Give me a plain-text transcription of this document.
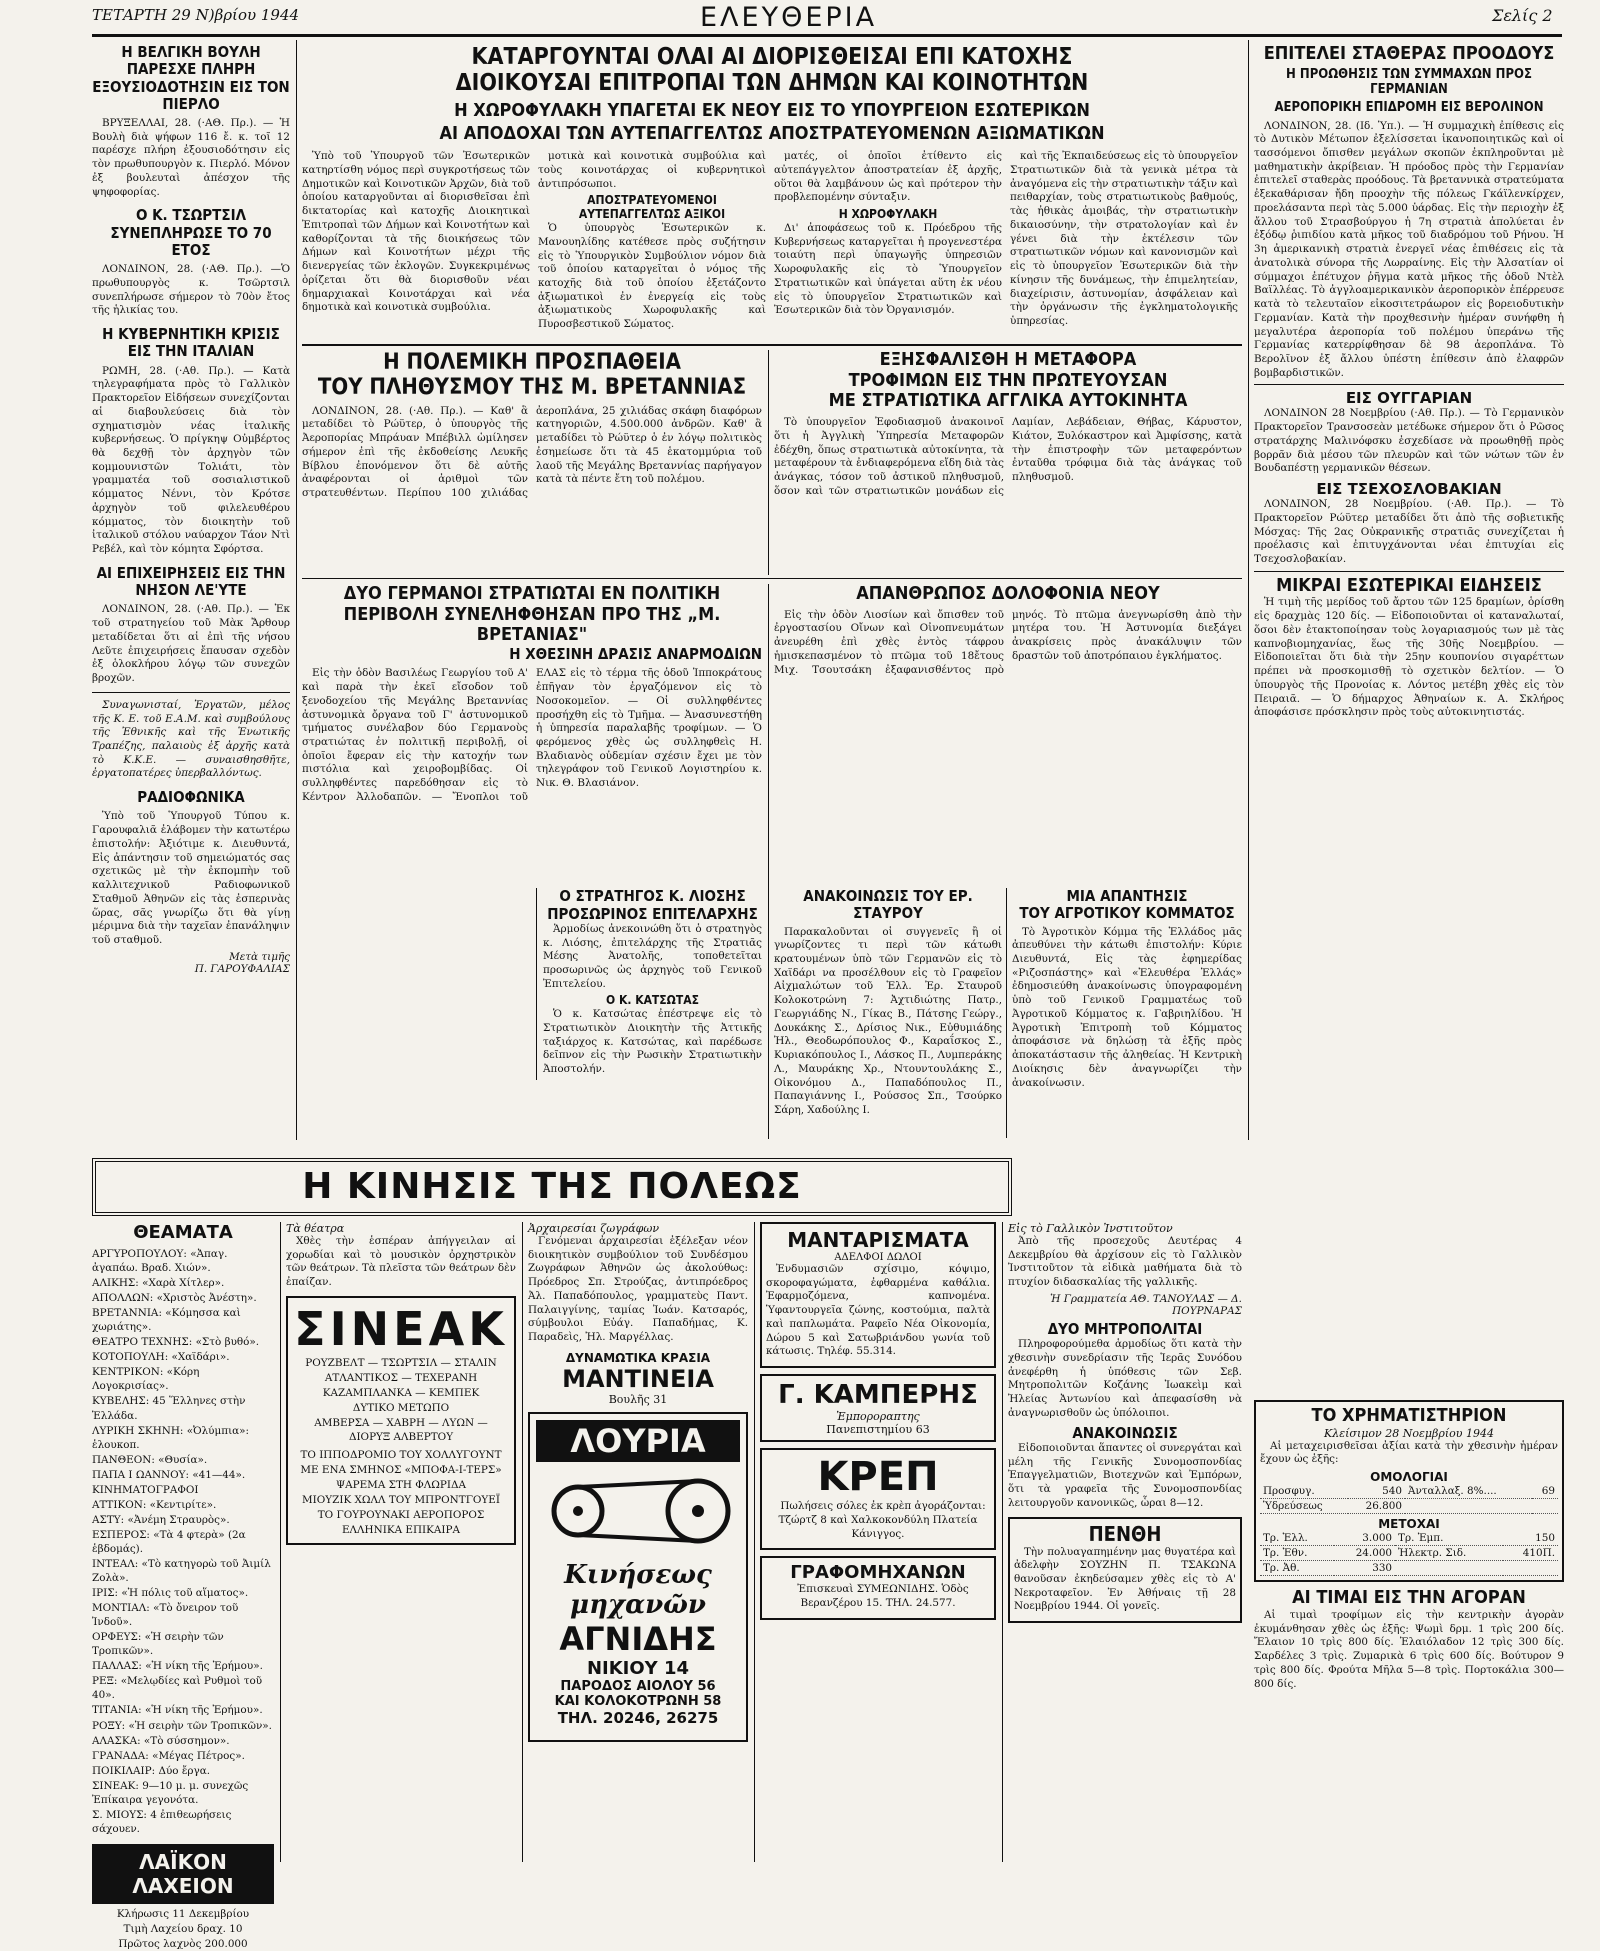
ΤΕΤΑΡΤΗ 29 Ν)βρίου 1944	ΕΛΕΥΘΕΡΙΑ	Σελίς 2
Η ΒΕΛΓΙΚΗ ΒΟΥΛΗ ΠΑΡΕΣΧΕ ΠΛΗΡΗ ΕΞΟΥΣΙΟΔΟΤΗΣΙΝ ΕΙΣ ΤΟΝ ΠΙΕΡΛΟ

ΒΡΥΞΕΛΛΑΙ, 28. (·ΑΘ. Πρ.). — Ἡ Βουλὴ διὰ ψήφων 116 ἔ. κ. τοῖ 12 παρέσχε πλήρη ἐξουσιοδότησιν εἰς τὸν πρωθυπουργὸν κ. Πιερλό. Μόνον ἐξ βουλευταὶ ἀπέσχον τῆς ψηφοφορίας.

Ο Κ. ΤΣΩΡΤΣΙΛ ΣΥΝΕΠΛΗΡΩΣΕ ΤΟ 70 ΕΤΟΣ

ΛΟΝΔΙΝΟΝ, 28. (·ΑΘ. Πρ.). —Ὁ πρωθυπουργὸς κ. Τσῶρτσιλ συνεπλήρωσε σήμερον τὸ 70ὸν ἔτος τῆς ἡλικίας του.

Η ΚΥΒΕΡΝΗΤΙΚΗ ΚΡΙΣΙΣ ΕΙΣ ΤΗΝ ΙΤΑΛΙΑΝ

ΡΩΜΗ, 28. (·Αθ. Πρ.). — Κατὰ τηλεγραφήματα πρὸς τὸ Γαλλικὸν Πρακτορεῖον Εἰδήσεων συνεχίζονται αἱ διαβουλεύσεις διὰ τὸν σχηματισμὸν νέας ἰταλικῆς κυβερνήσεως. Ὁ πρίγκηψ Οὐμβέρτος θὰ δεχθῇ τὸν ἀρχηγὸν τῶν κομμουνιστῶν Τολιάτι, τὸν γραμματέα τοῦ σοσιαλιστικοῦ κόμματος Νέννι, τὸν Κρότσε ἀρχηγὸν τοῦ φιλελευθέρου κόμματος, τὸν διοικητὴν τοῦ ἰταλικοῦ στόλου ναύαρχον Τάον Ντὶ Ρεβέλ, καὶ τὸν κόμητα Σφόρτσα.

ΑΙ ΕΠΙΧΕΙΡΗΣΕΙΣ ΕΙΣ ΤΗΝ ΝΗΣΟΝ ΛΕ'ΥΤΕ

ΛΟΝΔΙΝΟΝ, 28. (·Αθ. Πρ.). — Ἐκ τοῦ στρατηγείου τοῦ Μὰκ Ἄρθουρ μεταδίδεται ὅτι αἱ ἐπὶ τῆς νήσου Λεῦτε ἐπιχειρήσεις ἔπαυσαν σχεδὸν ἐξ ὁλοκλήρου λόγῳ τῶν συνεχῶν βροχῶν.

Συναγωνισταί, Ἐργατῶν, μέλος τῆς Κ. Ε. τοῦ Ε.Α.Μ. καὶ συμβούλους τῆς Ἐθνικῆς καὶ τῆς Ἑνωτικῆς Τραπέζης, παλαιοὺς ἐξ ἀρχῆς κατὰ τὸ Κ.Κ.Ε. — συναισθησθῆτε, ἐργατοπατέρες ὑπερβαλλόντως.

ΡΑΔΙΟΦΩΝΙΚΑ

Ὑπὸ τοῦ Ὑπουργοῦ Τύπου κ. Γαρουφαλιᾶ ἐλάβομεν τὴν κατωτέρω ἐπιστολήν: Ἀξιότιμε κ. Διευθυντά, Εἰς ἀπάντησιν τοῦ σημειώματός σας σχετικῶς μὲ τὴν ἐκπομπὴν τοῦ καλλιτεχνικοῦ Ραδιοφωνικοῦ Σταθμοῦ Ἀθηνῶν εἰς τὰς ἐσπερινὰς ὥρας, σᾶς γνωρίζω ὅτι θὰ γίνῃ μέριμνα διὰ τὴν ταχεῖαν ἐπανάληψιν τοῦ σταθμοῦ.

Μετὰ τιμῆς
Π. ΓΑΡΟΥΦΑΛΙΑΣ
ΚΑΤΑΡΓΟΥΝΤΑΙ ΟΛΑΙ ΑΙ ΔΙΟΡΙΣΘΕΙΣΑΙ ΕΠΙ ΚΑΤΟΧΗΣ
ΔΙΟΙΚΟΥΣΑΙ ΕΠΙΤΡΟΠΑΙ ΤΩΝ ΔΗΜΩΝ ΚΑΙ ΚΟΙΝΟΤΗΤΩΝ
Η ΧΩΡΟΦΥΛΑΚΗ ΥΠΑΓΕΤΑΙ ΕΚ ΝΕΟΥ ΕΙΣ ΤΟ ΥΠΟΥΡΓΕΙΟΝ ΕΣΩΤΕΡΙΚΩΝ
ΑΙ ΑΠΟΔΟΧΑΙ ΤΩΝ ΑΥΤΕΠΑΓΓΕΛΤΩΣ ΑΠΟΣΤΡΑΤΕΥΟΜΕΝΩΝ ΑΞΙΩΜΑΤΙΚΩΝ

Ὑπὸ τοῦ Ὑπουργοῦ τῶν Ἐσωτερικῶν κατηρτίσθη νόμος περὶ συγκροτήσεως τῶν Δημοτικῶν καὶ Κοινοτικῶν Ἀρχῶν, διὰ τοῦ ὁποίου καταργοῦνται αἱ διορισθεῖσαι ἐπὶ δικτατορίας καὶ κατοχῆς Διοικητικαὶ Ἐπιτροπαὶ τῶν Δήμων καὶ Κοινοτήτων καὶ καθορίζονται τὰ τῆς διοικήσεως τῶν Δήμων καὶ Κοινοτήτων μέχρι τῆς διενεργείας τῶν ἐκλογῶν. Συγκεκριμένως ὁρίζεται ὅτι θὰ διορισθοῦν νέαι δημαρχιακαὶ Κοινοτάρχαι καὶ νέα δημοτικὰ καὶ κοινοτικὰ συμβούλια.

μοτικὰ καὶ κοινοτικὰ συμβούλια καὶ τοὺς κοινοτάρχας οἱ κυβερνητικοὶ ἀντιπρόσωποι.

ΑΠΟΣΤΡΑΤΕΥΟΜΕΝΟΙ ΑΥΤΕΠΑΓΓΕΛΤΩΣ ΑΞΙΚΟΙ

Ὁ ὑπουργὸς Ἐσωτερικῶν κ. Μανουηλίδης κατέθεσε πρὸς συζήτησιν εἰς τὸ Ὑπουργικὸν Συμβούλιον νόμον διὰ τοῦ ὁποίου καταργεῖται ὁ νόμος τῆς κατοχῆς διὰ τοῦ ὁποίου ἐξετάζοντο ἀξιωματικοὶ ἐν ἐνεργείᾳ εἰς τοὺς ἀξιωματικοὺς Χωροφυλακῆς καὶ Πυροσβεστικοῦ Σώματος.

ματές, οἱ ὁποῖοι ἐτίθεντο εἰς αὐτεπάγγελτον ἀποστρατείαν ἐξ ἀρχῆς, οὕτοι θὰ λαμβάνουν ὡς καὶ πρότερον τὴν προβλεπομένην σύνταξιν.

Η ΧΩΡΟΦΥΛΑΚΗ

Δι' ἀποφάσεως τοῦ κ. Πρόεδρου τῆς Κυβερνήσεως καταργεῖται ἡ προγενεστέρα τοιαύτη περὶ ὑπαγωγῆς ὑπηρεσιῶν Χωροφυλακῆς εἰς τὸ Ὑπουργεῖον Στρατιωτικῶν καὶ ὑπάγεται αὕτη ἐκ νέου εἰς τὸ ὑπουργεῖον Στρατιωτικῶν καὶ Ἐσωτερικῶν διὰ τὸν Ὀργανισμόν.

καὶ τῆς Ἐκπαιδεύσεως εἰς τὸ ὑπουργεῖον Στρατιωτικῶν διὰ τὰ γενικὰ μέτρα τὰ ἀναγόμενα εἰς τὴν στρατιωτικὴν τάξιν καὶ πειθαρχίαν, τοὺς στρατιωτικοὺς βαθμούς, τὰς ἠθικὰς ἀμοιβάς, τὴν στρατιωτικὴν δικαιοσύνην, τὴν στρατολογίαν καὶ ἐν γένει διὰ τὴν ἐκτέλεσιν τῶν στρατιωτικῶν νόμων καὶ κανονισμῶν καὶ εἰς τὸ ὑπουργεῖον Ἐσωτερικῶν διὰ τὴν κίνησιν τῆς δυνάμεως, τὴν ἐπιμελητείαν, διαχείρισιν, ἀστυνομίαν, ἀσφάλειαν καὶ τὴν ὀργάνωσιν τῆς ἐγκληματολογικῆς ὑπηρεσίας.

ΕΠΙΤΕΛΕΙ ΣΤΑΘΕΡΑΣ ΠΡΟΟΔΟΥΣ
Η ΠΡΟΩΘΗΣΙΣ ΤΩΝ ΣΥΜΜΑΧΩΝ ΠΡΟΣ ΓΕΡΜΑΝΙΑΝ
ΑΕΡΟΠΟΡΙΚΗ ΕΠΙΔΡΟΜΗ ΕΙΣ ΒΕΡΟΛΙΝΟΝ

ΛΟΝΔΙΝΟΝ, 28. (Ιδ. Ὑπ.). — Ἡ συμμαχικὴ ἐπίθεσις εἰς τὸ Δυτικὸν Μέτωπον ἐξελίσσεται ἱκανοποιητικῶς καὶ οἱ τασσόμενοι ὄπισθεν μεγάλων σκοπῶν ἐκπληροῦνται μὲ μαθηματικὴν ἀκρίβειαν. Ἡ πρόοδος πρὸς τὴν Γερμανίαν ἐπιτελεῖ σταθερὰς προόδους. Τὰ βρεταννικὰ στρατεύματα ἐξεκαθάρισαν ἤδη προοχὴν τῆς πόλεως Γκάϊλενκίρχεν, προελάσαντα περὶ τὰς 5.000 ὑάρδας. Εἰς τὴν περιοχὴν ἐξ ἄλλου τοῦ Στρασβούργου ἡ 7η στρατιὰ ἀπολύεται ἐν ἐξόδῳ ῥιπιδίου κατὰ μῆκος τοῦ διαδρόμου τοῦ Ρήνου. Ἡ 3η ἀμερικανικὴ στρατιὰ ἐνεργεῖ νέας ἐπιθέσεις εἰς τὰ ἀνατολικὰ σύνορα τῆς Λωρραίνης. Εἰς τὴν Ἀλσατίαν οἱ σύμμαχοι ἐπέτυχον ῥῆγμα κατὰ μῆκος τῆς ὁδοῦ Ντὲλ Βαϊλλέας. Τὸ ἀγγλοαμερικανικὸν ἀεροπορικὸν ἐπέρρευσε κατὰ τὸ τελευταῖον εἰκοσιτετράωρον εἰς βορειοδυτικὴν Γερμανίαν. Κατὰ τὴν προχθεσινὴν ἡμέραν συνήφθη ἡ μεγαλυτέρα ἀεροπορία τοῦ πολέμου ὑπεράνω τῆς Γερμανίας κατερρίφθησαν δὲ 98 ἀεροπλάνα. Τὸ Βερολῖνον ἐξ ἄλλου ὑπέστη ἐπίθεσιν ἀπὸ ἐλαφρῶν βομβαρδιστικῶν.

ΕΙΣ ΟΥΓΓΑΡΙΑΝ

ΛΟΝΔΙΝΟΝ 28 Νοεμβρίου (·Αθ. Πρ.). — Τὸ Γερμανικὸν Πρακτορεῖον Τρανσοσεὰν μετέδωκε σήμερον ὅτι ὁ Ρῶσος στρατάρχης Μαλινόφσκυ ἐσχεδίασε νὰ προωθηθῇ πρὸς βορρᾶν διὰ μέσου τῶν πλευρῶν καὶ τῶν νώτων τῶν ἐν Βουδαπέστῃ γερμανικῶν θέσεων.

ΕΙΣ ΤΣΕΧΟΣΛΟΒΑΚΙΑΝ

ΛΟΝΔΙΝΟΝ, 28 Νοεμβρίου. (·Αθ. Πρ.). — Τὸ Πρακτορεῖον Ρώϋτερ μεταδίδει ὅτι ἀπὸ τῆς σοβιετικῆς Μόσχας: Τῆς 2ας Οὐκρανικῆς στρατιᾶς συνεχίζεται ἡ προέλασις καὶ ἐπιτυγχάνονται νέαι ἐπιτυχίαι εἰς Τσεχοσλοβακίαν.

ΜΙΚΡΑΙ ΕΣΩΤΕΡΙΚΑΙ ΕΙΔΗΣΕΙΣ

Ἡ τιμὴ τῆς μερίδος τοῦ ἄρτου τῶν 125 δραμίων, ὁρίσθη εἰς δραχμὰς 120 δίς. — Εἰδοποιοῦνται οἱ καταναλωταί, ὅσοι δὲν ἐτακτοποίησαν τοὺς λογαριασμούς των μὲ τὰς καπνοβιομηχανίας, ἕως τῆς 30ῆς Νοεμβρίου. — Εἰδοποιεῖται ὅτι διὰ τὴν 25ην κουπονίου σιγαρέττων πρέπει νὰ προσκομισθῇ τὸ σχετικὸν δελτίον. — Ὁ ὑπουργὸς τῆς Προνοίας κ. Λόντος μετέβη χθὲς εἰς τὸν Πειραιᾶ. — Ὁ δήμαρχος Ἀθηναίων κ. Α. Σκλήρος ἀποφάσισε πρόσκλησιν πρὸς τοὺς αὐτοκινητιστάς.

Η ΠΟΛΕΜΙΚΗ ΠΡΟΣΠΑΘΕΙΑ
ΤΟΥ ΠΛΗΘΥΣΜΟΥ ΤΗΣ Μ. ΒΡΕΤΑΝΝΙΑΣ

ΛΟΝΔΙΝΟΝ, 28. (·Αθ. Πρ.). — Καθ' ἃ μεταδίδει τὸ Ρώϋτερ, ὁ ὑπουργὸς τῆς Ἀεροπορίας Μπράυαν Μπέβιλλ ὡμίλησεν σήμερον ἐπὶ τῆς ἐκδοθείσης Λευκῆς Βίβλου ἐπονόμενον ὅτι δὲ αὐτῆς ἀναφέρονται οἱ ἀριθμοὶ τῶν στρατευθέντων. Περίπου 100 χιλιάδας ἀεροπλάνα, 25 χιλιάδας σκάφη διαφόρων κατηγοριῶν, 4.500.000 ἀνδρῶν. Καθ' ἃ μεταδίδει τὸ Ρώϋτερ ὁ ἐν λόγῳ πολιτικὸς ἐσημείωσε ὅτι τὰ 45 ἑκατομμύρια τοῦ λαοῦ τῆς Μεγάλης Βρεταννίας παρήγαγον κατὰ τὰ πέντε ἔτη τοῦ πολέμου.

ΕΞΗΣΦΑΛΙΣΘΗ Η ΜΕΤΑΦΟΡΑ
ΤΡΟΦΙΜΩΝ ΕΙΣ ΤΗΝ ΠΡΩΤΕΥΟΥΣΑΝ
ΜΕ ΣΤΡΑΤΙΩΤΙΚΑ ΑΓΓΛΙΚΑ ΑΥΤΟΚΙΝΗΤΑ

Τὸ ὑπουργεῖον Ἐφοδιασμοῦ ἀνακοινοῖ ὅτι ἡ Ἀγγλικὴ Ὑπηρεσία Μεταφορῶν ἐδέχθη, ὅπως στρατιωτικὰ αὐτοκίνητα, τὰ μεταφέρουν τὰ ἐνδιαφερόμενα εἴδη διὰ τὰς ἀνάγκας, τόσον τοῦ ἀστικοῦ πληθυσμοῦ, ὅσον καὶ τῶν στρατιωτικῶν μονάδων εἰς Λαμίαν, Λεβάδειαν, Θήβας, Κάρυστον, Κιάτον, Ξυλόκαστρον καὶ Ἀμφίσσης, κατὰ τὴν ἐπιστροφὴν τῶν μεταφερόντων ἐνταῦθα τρόφιμα διὰ τὰς ἀνάγκας τοῦ πληθυσμοῦ.

ΔΥΟ ΓΕΡΜΑΝΟΙ ΣΤΡΑΤΙΩΤΑΙ ΕΝ ΠΟΛΙΤΙΚΗ
ΠΕΡΙΒΟΛΗ ΣΥΝΕΛΗΦΘΗΣΑΝ ΠΡΟ ΤΗΣ „Μ. ΒΡΕΤΑΝΙΑΣ"
Η ΧΘΕΣΙΝΗ ΔΡΑΣΙΣ ΑΝΑΡΜΟΔΙΩΝ

Εἰς τὴν ὁδὸν Βασιλέως Γεωργίου τοῦ Α' καὶ παρὰ τὴν ἐκεῖ εἴσοδον τοῦ ξενοδοχείου τῆς Μεγάλης Βρεταννίας ἀστυνομικὰ ὄργανα τοῦ Γ' ἀστυνομικοῦ τμήματος συνέλαβον δύο Γερμανοὺς στρατιώτας ἐν πολιτικῇ περιβολῇ, οἱ ὁποῖοι ἔφεραν εἰς τὴν κατοχήν των πιστόλια καὶ χειροβομβίδας. Οἱ συλληφθέντες παρεδόθησαν εἰς τὸ Κέντρον Ἀλλοδαπῶν. — Ἔνοπλοι τοῦ ΕΛΑΣ εἰς τὸ τέρμα τῆς ὁδοῦ Ἱπποκράτους ἐπῆγαν τὸν ἐργαζόμενον εἰς τὸ Νοσοκομεῖον. — Οἱ συλληφθέντες προσήχθη εἰς τὸ Τμῆμα. — Ἀνασυνεστήθη ἡ ὑπηρεσία παραλαβῆς τροφίμων. — Ὁ φερόμενος χθὲς ὡς συλληφθεὶς Η. Βλαδιανὸς οὐδεμίαν σχέσιν ἔχει με τὸν τηλεγράφον τοῦ Γενικοῦ Λογιστηρίου κ. Νικ. Θ. Βλασιάνον.

Ο ΣΤΡΑΤΗΓΟΣ Κ. ΛΙΟΣΗΣ
ΠΡΟΣΩΡΙΝΟΣ ΕΠΙΤΕΛΑΡΧΗΣ

Ἁρμοδίως ἀνεκοινώθη ὅτι ὁ στρατηγὸς κ. Λιόσης, ἐπιτελάρχης τῆς Στρατιᾶς Μέσης Ἀνατολῆς, τοποθετεῖται προσωρινῶς ὡς ἀρχηγὸς τοῦ Γενικοῦ Ἐπιτελείου.

Ο Κ. ΚΑΤΣΩΤΑΣ

Ὁ κ. Κατσώτας ἐπέστρεψε εἰς τὸ Στρατιωτικὸν Διοικητὴν τῆς Ἀττικῆς ταξιάρχος κ. Κατσώτας, καὶ παρέδωσε δεῖπνον εἰς τὴν Ρωσικὴν Στρατιωτικὴν Ἀποστολήν.

ΑΠΑΝΘΡΩΠΟΣ ΔΟΛΟΦΟΝΙΑ ΝΕΟΥ

Εἰς τὴν ὁδὸν Λιοσίων καὶ ὄπισθεν τοῦ ἐργοστασίου Οἴνων καὶ Οἰνοπνευμάτων ἀνευρέθη ἐπὶ χθὲς ἐντὸς τάφρου ἡμισκεπασμένον τὸ πτῶμα τοῦ 18ἔτους Μιχ. Τσουτσάκη ἐξαφανισθέντος πρὸ μηνός. Τὸ πτῶμα ἀνεγνωρίσθη ἀπὸ τὴν μητέρα του. Ἡ Ἀστυνομία διεξάγει ἀνακρίσεις πρὸς ἀνακάλυψιν τῶν δραστῶν τοῦ ἀποτρόπαιου ἐγκλήματος.

ΑΝΑΚΟΙΝΩΣΙΣ ΤΟΥ ΕΡ. ΣΤΑΥΡΟΥ

Παρακαλοῦνται οἱ συγγενεῖς ἢ οἱ γνωρίζοντες τι περὶ τῶν κάτωθι κρατουμένων ὑπὸ τῶν Γερμανῶν εἰς τὸ Χαϊδάρι να προσέλθουν εἰς τὸ Γραφεῖον Αἰχμαλώτων τοῦ Ἑλλ. Ἐρ. Σταυροῦ Κολοκοτρώνη 7: Ἀχτιδιώτης Πατρ., Γεωργιάδης Ν., Γίκας Β., Πάτσης Γεώργ., Δουκάκης Σ., Δρίσιος Νικ., Εὐθυμιάδης Ἠλ., Θεοδωρόπουλος Φ., Καραΐσκος Σ., Κυριακόπουλος Ι., Λάσκος Π., Λυμπεράκης Λ., Μαυράκης Χρ., Ντουντουλάκης Σ., Οἰκονόμου Δ., Παπαδόπουλος Π., Παπαγιάννης Ι., Ρούσσος Σπ., Τσούρκο Σάρη, Χαδούλης Ι.

ΜΙΑ ΑΠΑΝΤΗΣΙΣ
ΤΟΥ ΑΓΡΟΤΙΚΟΥ ΚΟΜΜΑΤΟΣ

Τὸ Ἀγροτικὸν Κόμμα τῆς Ἑλλάδος μᾶς ἀπευθύνει τὴν κάτωθι ἐπιστολήν: Κύριε Διευθυντά, Εἰς τὰς ἐφημερίδας «Ριζοσπάστης» καὶ «Ἐλευθέρα Ἑλλάς» ἐδημοσιεύθη ἀνακοίνωσις ὑπογραφομένη ὑπὸ τοῦ Γενικοῦ Γραμματέως τοῦ Ἀγροτικοῦ Κόμματος κ. Γαβριηλίδου. Ἡ Ἀγροτικὴ Ἐπιτροπὴ τοῦ Κόμματος ἀποφάσισε νὰ δηλώσῃ τὰ ἑξῆς πρὸς ἀποκατάστασιν τῆς ἀληθείας. Ἡ Κεντρικὴ Διοίκησις δὲν ἀναγνωρίζει τὴν ἀνακοίνωσιν.

Η ΚΙΝΗΣΙΣ ΤΗΣ ΠΟΛΕΩΣ
ΘΕΑΜΑΤΑ
ΑΡΓΥΡΟΠΟΥΛΟΥ: «Ἀπαγ. ἀγαπάω. Βραδ. Χιών».
ΑΛΙΚΗΣ: «Χαρὰ Χίτλερ».
ΑΠΟΛΛΩΝ: «Χριστὸς Ἀνέστη».
ΒΡΕΤΑΝΝΙΑ: «Κόμησσα καὶ χωριάτης».
ΘΕΑΤΡΟ ΤΕΧΝΗΣ: «Στὸ βυθό».
ΚΟΤΟΠΟΥΛΗ: «Χαϊδάρι».
ΚΕΝΤΡΙΚΟΝ: «Κόρη Λογοκρισίας».
ΚΥΒΕΛΗΣ: 45 Ἕλληνες στὴν Ἑλλάδα.
ΛΥΡΙΚΗ ΣΚΗΝΗ: «Ὀλύμπια»: ἑλουκοπ.
ΠΑΝΘΕΟΝ: «Θυσία».
ΠΑΠΑ Ι ΩΑΝΝΟΥ: «41—44».
ΚΙΝΗΜΑΤΟΓΡΑΦΟΙ
ΑΤΤΙΚΟΝ: «Κεντιρίτε».
ΑΣΤΥ: «Ἀνέμη Στραυρὸς».
ΕΣΠΕΡΟΣ: «Τὰ 4 φτερὰ» (2α ἑβδομάς).
ΙΝΤΕΑΛ: «Τὸ κατηγορὼ τοῦ Ἀιμίλ Ζολὰ».
ΙΡΙΣ: «Ἡ πόλις τοῦ αἵματος».
ΜΟΝΤΙΑΛ: «Τὸ ὄνειρον τοῦ Ἰνδοῦ».
ΟΡΦΕΥΣ: «Ἡ σειρὴν τῶν Τροπικῶν».
ΠΑΛΛΑΣ: «Ἡ νίκη τῆς Ἐρήμου».
ΡΕΞ: «Μελῳδίες καὶ Ρυθμοὶ τοῦ 40».
ΤΙΤΑΝΙΑ: «Ἡ νίκη τῆς Ἐρήμου».
ΡΟΞΥ: «Ἡ σειρὴν τῶν Τροπικῶν».
ΑΛΑΣΚΑ: «Τὸ σύσσημον».
ΓΡΑΝΑΔΑ: «Μέγας Πέτρος».
ΠΟΙΚΙΛΑΙΡ: Δύο ἔργα.
ΣΙΝΕΑΚ: 9—10 μ. μ. συνεχῶς Ἐπίκαιρα γεγονότα.
Σ. ΜΙΟΥΣ: 4 ἐπιθεωρήσεις σάχουεν.
ΛΑΪΚΟΝ ΛΑΧΕΙΟΝ
Κλήρωσις 11 Δεκεμβρίου
Τιμὴ Λαχείου δραχ. 10
Πρῶτος λαχνὸς 200.000
Τὰ θέατρα

Χθὲς τὴν ἑσπέραν ἀπήγγειλαν αἱ χορωδίαι καὶ τὸ μουσικὸν ὀρχηστρικὸν τῶν θεάτρων. Τὰ πλεῖστα τῶν θεάτρων δὲν ἐπαίζαν.

ΣΙΝΕΑΚ
ΡΟΥΖΒΕΛΤ — ΤΣΩΡΤΣΙΛ — ΣΤΑΛΙΝ
ΑΤΛΑΝΤΙΚΟΣ — ΤΕΧΕΡΑΝΗ
ΚΑΖΑΜΠΛΑΝΚΑ — ΚΕΜΠΕΚ
ΔΥΤΙΚΟ ΜΕΤΩΠΟ
ΑΜΒΕΡΣΑ — ΧΑΒΡΗ — ΛΥΩΝ — ΔΙΟΡΥΞ ΑΛΒΕΡΤΟΥ
ΤΟ ΙΠΠΟΔΡΟΜΙΟ ΤΟΥ ΧΟΛΛΥΓΟΥΝΤ
ΜΕ ΕΝΑ ΣΜΗΝΟΣ «ΜΠΟΦΑ-Ι-ΤΕΡΣ»
ΨΑΡΕΜΑ ΣΤΗ ΦΛΩΡΙΔΑ
ΜΙΟΥΖΙΚ ΧΩΛΛ ΤΟΥ ΜΠΡΟΝΤΓΟΥΕΪ
ΤΟ ΓΟΥΡΟΥΝΑΚΙ ΑΕΡΟΠΟΡΟΣ
ΕΛΛΗΝΙΚΑ ΕΠΙΚΑΙΡΑ
Ἀρχαιρεσίαι ζωγράφων

Γενόμεναι ἀρχαιρεσίαι ἐξέλεξαν νέον διοικητικὸν συμβούλιον τοῦ Συνδέσμου Ζωγράφων Ἀθηνῶν ὡς ἀκολούθως: Πρόεδρος Σπ. Στρούζας, ἀντιπρόεδρος Ἀλ. Παπαδόπουλος, γραμματεὺς Παντ. Παλαιγγίνης, ταμίας Ἰωάν. Κατσαρός, σύμβουλοι Εὐάγ. Παπαδήμας, Κ. Παραδεὶς, Ἠλ. Μαργέλλας.

ΔΥΝΑΜΩΤΙΚΑ ΚΡΑΣΙΑ
ΜΑΝΤΙΝΕΙΑ
Βουλῆς 31
ΛΟΥΡΙΑ
Κινήσεως
μηχανῶν
ΑΓΝΙΔΗΣ
ΝΙΚΙΟΥ 14
ΠΑΡΟΔΟΣ ΑΙΟΛΟΥ 56
ΚΑΙ ΚΟΛΟΚΟΤΡΩΝΗ 58
ΤΗΛ. 20246, 26275
ΜΑΝΤΑΡΙΣΜΑΤΑ
ΑΔΕΛΦΟΙ ΔΩΛΟΙ

Ἐνδυμασιῶν σχίσιμο, κόψιμο, σκοροφαγώματα, ἐφθαρμένα καθάλια. Ἐφαρμοζόμενα, καπνομένα. Ὑφαντουργεῖα ζώνης, κοστούμια, παλτὰ καὶ παπλωμάτα. Ραφεῖο Νέα Οἰκονομία, Δώρου 5 καὶ Σατωβριάνδου γωνία τοῦ κάτωσις. Τηλέφ. 55.314.

Γ. ΚΑΜΠΕΡΗΣ
Ἐμποροραπτης
Πανεπιστημίου 63
ΚΡΕΠ

Πωλήσεις σόλες ἐκ κρὲπ ἀγοράζονται: Τζώρτζ 8 καὶ Χαλκοκονδύλη Πλατεία Κάνιγγος.

ΓΡΑΦΟΜΗΧΑΝΩΝ

Ἐπισκευαὶ ΣΥΜΕΩΝΙΔΗΣ. Ὁδὸς Βερανζέρου 15. ΤΗΛ. 24.577.

Εἰς τὸ Γαλλικὸν Ἰνστιτοῦτον

Ἀπὸ τῆς προσεχοῦς Δευτέρας 4 Δεκεμβρίου θὰ ἀρχίσουν εἰς τὸ Γαλλικὸν Ἰνστιτοῦτον τὰ εἰδικὰ μαθήματα διὰ τὸ πτυχίον διδασκαλίας τῆς γαλλικῆς.

Ἡ Γραμματεία ΑΘ. ΤΑΝΟΥΛΑΣ — Δ. ΠΟΥΡΝΑΡΑΣ
ΔΥΟ ΜΗΤΡΟΠΟΛΙΤΑΙ

Πληροφορούμεθα ἁρμοδίως ὅτι κατὰ τὴν χθεσινὴν συνεδρίασιν τῆς Ἱερᾶς Συνόδου ἀνεφέρθη ἡ ὑπόθεσις τῶν Σεβ. Μητροπολιτῶν Κοζάνης Ἰωακεὶμ καὶ Ἠλείας Ἀντωνίου καὶ ἀπεφασίσθη νὰ ἀναγνωρισθοῦν ὡς ὑπόλοιποι.

ΑΝΑΚΟΙΝΩΣΙΣ

Εἰδοποιοῦνται ἅπαντες οἱ συνεργάται καὶ μέλη τῆς Γενικῆς Συνομοσπονδίας Ἐπαγγελματιῶν, Βιοτεχνῶν καὶ Ἐμπόρων, ὅτι τὰ γραφεῖα τῆς Συνομοσπονδίας λειτουργοῦν κανονικῶς, ὧραι 8—12.

ΠΕΝΘΗ

Τὴν πολυαγαπημένην μας θυγατέρα καὶ ἀδελφὴν ΣΟΥΖΗΝ Π. ΤΣΑΚΩΝΑ θανοῦσαν ἐκηδεύσαμεν χθὲς εἰς τὸ Α' Νεκροταφεῖον. Ἐν Ἀθήναις τῇ 28 Νοεμβρίου 1944. Οἱ γονεῖς.

ΤΟ ΧΡΗΜΑΤΙΣΤΗΡΙΟΝ
Κλείσιμον 28 Νοεμβρίου 1944

Αἱ μεταχειρισθεῖσαι ἀξίαι κατὰ τὴν χθεσινὴν ἡμέραν ἔχουν ὡς ἑξῆς:

ΟΜΟΛΟΓΙΑΙ
Προσφυγ.	540	Ἀνταλλαξ. 8%....	69
Ὑδρεύσεως	26.800		
ΜΕΤΟΧΑΙ
Τρ. Ἑλλ.	3.000	Τρ. Ἐμπ.	150
Τρ. Ἐθν.	24.000	Ἠλεκτρ. Σιδ.	410Π.
Τρ. Ἀθ.	330		
ΑΙ ΤΙΜΑΙ ΕΙΣ ΤΗΝ ΑΓΟΡΑΝ

Αἱ τιμαὶ τροφίμων εἰς τὴν κεντρικὴν ἀγορὰν ἐκυμάνθησαν χθὲς ὡς ἑξῆς: Ψωμὶ δρμ. 1 τρὶς 200 δίς. Ἔλαιον 10 τρὶς 800 δίς. Ἐλαιόλαδον 12 τρὶς 300 δίς. Σαρδέλες 3 τρὶς. Ζυμαρικὰ 6 τρὶς 600 δίς. Βούτυρον 9 τρὶς 800 δίς. Φρούτα Μῆλα 5—8 τρὶς. Πορτοκάλια 300—800 δίς.
